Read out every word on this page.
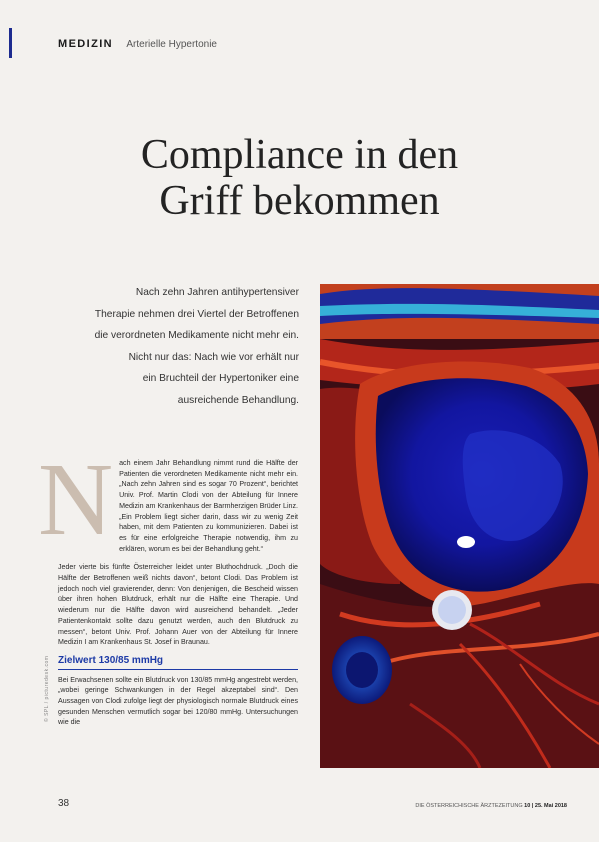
MEDIZIN Arterielle Hypertonie
Compliance in den
Griff bekommen
Nach zehn Jahren antihypertensiver
Therapie nehmen drei Viertel der Betroffenen
die verordneten Medikamente nicht mehr ein.
Nicht nur das: Nach wie vor erhält nur
ein Bruchteil der Hypertoniker eine
ausreichende Behandlung.
N ach einem Jahr Behandlung nimmt rund die Hälfte der Patienten die verordneten Medikamente nicht mehr ein. „Nach zehn Jahren sind es sogar 70 Prozent“, berichtet Univ. Prof. Martin Clodi von der Abteilung für Innere Medizin am Krankenhaus der Barmherzigen Brüder Linz. „Ein Problem liegt sicher darin, dass wir zu wenig Zeit haben, mit dem Patienten zu kommunizieren. Dabei ist es für eine erfolgreiche Therapie notwendig, ihm zu erklären, worum es bei der Behandlung geht.“

Jeder vierte bis fünfte Österreicher leidet unter Bluthochdruck. „Doch die Hälfte der Betroffenen weiß nichts davon“, betont Clodi. Das Problem ist jedoch noch viel gravierender, denn: Von denjenigen, die Bescheid wissen über ihren hohen Blutdruck, erhält nur die Hälfte eine Therapie. Und wiederum nur die Hälfte davon wird ausreichend behandelt. „Jeder Patientenkontakt sollte dazu genutzt werden, auch den Blutdruck zu messen“, betont Univ. Prof. Johann Auer von der Abteilung für Innere Medizin I am Krankenhaus St. Josef in Braunau.

Zielwert 130/85 mmHg

Bei Erwachsenen sollte ein Blutdruck von 130/85 mmHg angestrebt werden, „wobei geringe Schwankungen in der Regel akzeptabel sind“. Den Aussagen von Clodi zufolge liegt der physiologisch normale Blutdruck eines gesunden Menschen vermutlich sogar bei 120/80 mmHg. Untersuchungen wie die

© SPL / picturedesk.com
38	DIE ÖSTERREICHISCHE ÄRZTEZEITUNG 10 | 25. Mai 2018
